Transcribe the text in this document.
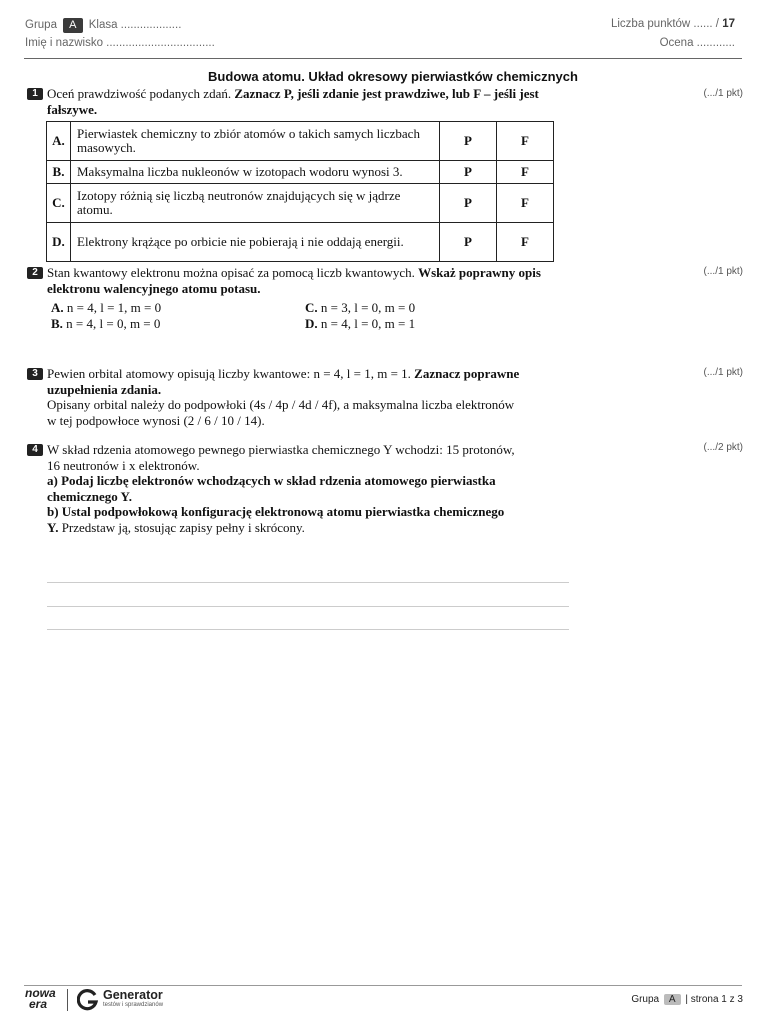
Grupa A Klasa ...................
Imię i nazwisko ..................................
Liczba punktów ...... / 17
Ocena ............
Budowa atomu. Układ okresowy pierwiastków chemicznych
1	(.../1 pkt)
Oceń prawdziwość podanych zdań. Zaznacz P, jeśli zdanie jest prawdziwe, lub F – jeśli jest fałszywe.
A.	Pierwiastek chemiczny to zbiór atomów o takich samych liczbach masowych.	P	F
B.	Maksymalna liczba nukleonów w izotopach wodoru wynosi 3.	P	F
C.	Izotopy różnią się liczbą neutronów znajdujących się w jądrze atomu.	P	F
D.	Elektrony krążące po orbicie nie pobierają i nie oddają energii.	P	F
2	(.../1 pkt)
Stan kwantowy elektronu można opisać za pomocą liczb kwantowych. Wskaż poprawny opis elektronu walencyjnego atomu potasu.
A. n = 4, l = 1, m = 0
B. n = 4, l = 0, m = 0
C. n = 3, l = 0, m = 0
D. n = 4, l = 0, m = 1
3	(.../1 pkt)
Pewien orbital atomowy opisują liczby kwantowe: n = 4, l = 1, m = 1. Zaznacz poprawne uzupełnienia zdania.
Opisany orbital należy do podpowłoki (4s / 4p / 4d / 4f), a maksymalna liczba elektronów
w tej podpowłoce wynosi (2 / 6 / 10 / 14).
4	(.../2 pkt)
W skład rdzenia atomowego pewnego pierwiastka chemicznego Y wchodzi: 15 protonów,
16 neutronów i x elektronów.
a) Podaj liczbę elektronów wchodzących w skład rdzenia atomowego pierwiastka
chemicznego Y.
b) Ustal podpowłokową konfigurację elektronową atomu pierwiastka chemicznego
Y. Przedstaw ją, stosując zapisy pełny i skrócony.
nowa
era
Generator
testów i sprawdzianów	Grupa A | strona 1 z 3
